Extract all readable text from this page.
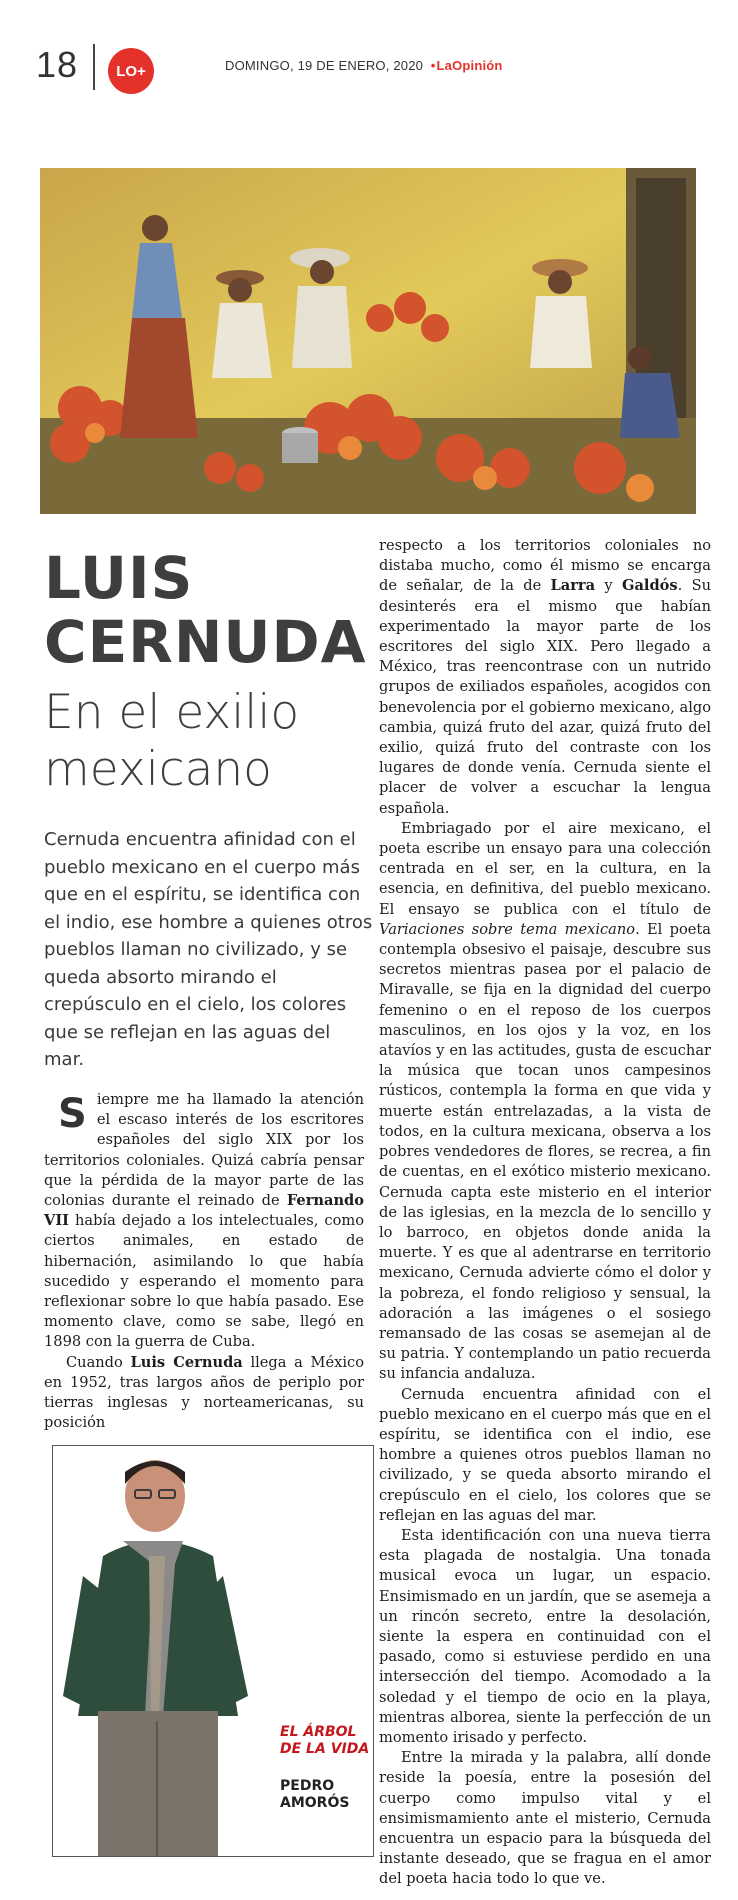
18	LO+	DOMINGO, 19 DE ENERO, 2020  •LaOpinión
LUIS
CERNUDA
En el exilio mexicano
Cernuda encuentra afinidad con el pueblo mexicano en el cuerpo más que en el espíritu, se identifica con el indio, ese hombre a quienes otros pueblos llaman no civilizado, y se queda absorto mirando el crepúsculo en el cielo, los colores que se reflejan en las aguas del mar.

Siempre me ha llamado la atención el escaso interés de los escritores españoles del siglo XIX por los territorios coloniales. Quizá cabría pensar que la pérdida de la mayor parte de las colonias durante el reinado de Fernando VII había dejado a los intelectuales, como ciertos animales, en estado de hibernación, asimilando lo que había sucedido y esperando el momento para reflexionar sobre lo que había pasado. Ese momento clave, como se sabe, llegó en 1898 con la guerra de Cuba.

Cuando Luis Cernuda llega a México en 1952, tras largos años de periplo por tierras inglesas y norteamericanas, su posición

respecto a los territorios coloniales no distaba mucho, como él mismo se encarga de señalar, de la de Larra y Galdós. Su desinterés era el mismo que habían experimentado la mayor parte de los escritores del siglo XIX. Pero llegado a México, tras reencontrase con un nutrido grupos de exiliados españoles, acogidos con benevolencia por el gobierno mexicano, algo cambia, quizá fruto del azar, quizá fruto del exilio, quizá fruto del contraste con los lugares de donde venía. Cernuda siente el placer de volver a escuchar la lengua española.

Embriagado por el aire mexicano, el poeta escribe un ensayo para una colección centrada en el ser, en la cultura, en la esencia, en definitiva, del pueblo mexicano. El ensayo se publica con el título de Variaciones sobre tema mexicano. El poeta contempla obsesivo el paisaje, descubre sus secretos mientras pasea por el palacio de Miravalle, se fija en la dignidad del cuerpo femenino o en el reposo de los cuerpos masculinos, en los ojos y la voz, en los atavíos y en las actitudes, gusta de escuchar la música que tocan unos campesinos rústicos, contempla la forma en que vida y muerte están entrelazadas, a la vista de todos, en la cultura mexicana, observa a los pobres vendedores de flores, se recrea, a fin de cuentas, en el exótico misterio mexicano. Cernuda capta este misterio en el interior de las iglesias, en la mezcla de lo sencillo y lo barroco, en objetos donde anida la muerte. Y es que al adentrarse en territorio mexicano, Cernuda advierte cómo el dolor y la pobreza, el fondo religioso y sensual, la adoración a las imágenes o el sosiego remansado de las cosas se asemejan al de su patria. Y contemplando un patio recuerda su infancia andaluza.

Cernuda encuentra afinidad con el pueblo mexicano en el cuerpo más que en el espíritu, se identifica con el indio, ese hombre a quienes otros pueblos llaman no civilizado, y se queda absorto mirando el crepúsculo en el cielo, los colores que se reflejan en las aguas del mar.

Esta identificación con una nueva tierra esta plagada de nostalgia. Una tonada musical evoca un lugar, un espacio. Ensimismado en un jardín, que se asemeja a un rincón secreto, entre la desolación, siente la espera en continuidad con el pasado, como si estuviese perdido en una intersección del tiempo. Acomodado a la soledad y el tiempo de ocio en la playa, mientras alborea, siente la perfección de un momento irisado y perfecto.

Entre la mirada y la palabra, allí donde reside la poesía, entre la posesión del cuerpo como impulso vital y el ensimismamiento ante el misterio, Cernuda encuentra un espacio para la búsqueda del instante deseado, que se fragua en el amor del poeta hacia todo lo que ve.

EL ÁRBOL
DE LA VIDA
PEDRO
AMORÓS
